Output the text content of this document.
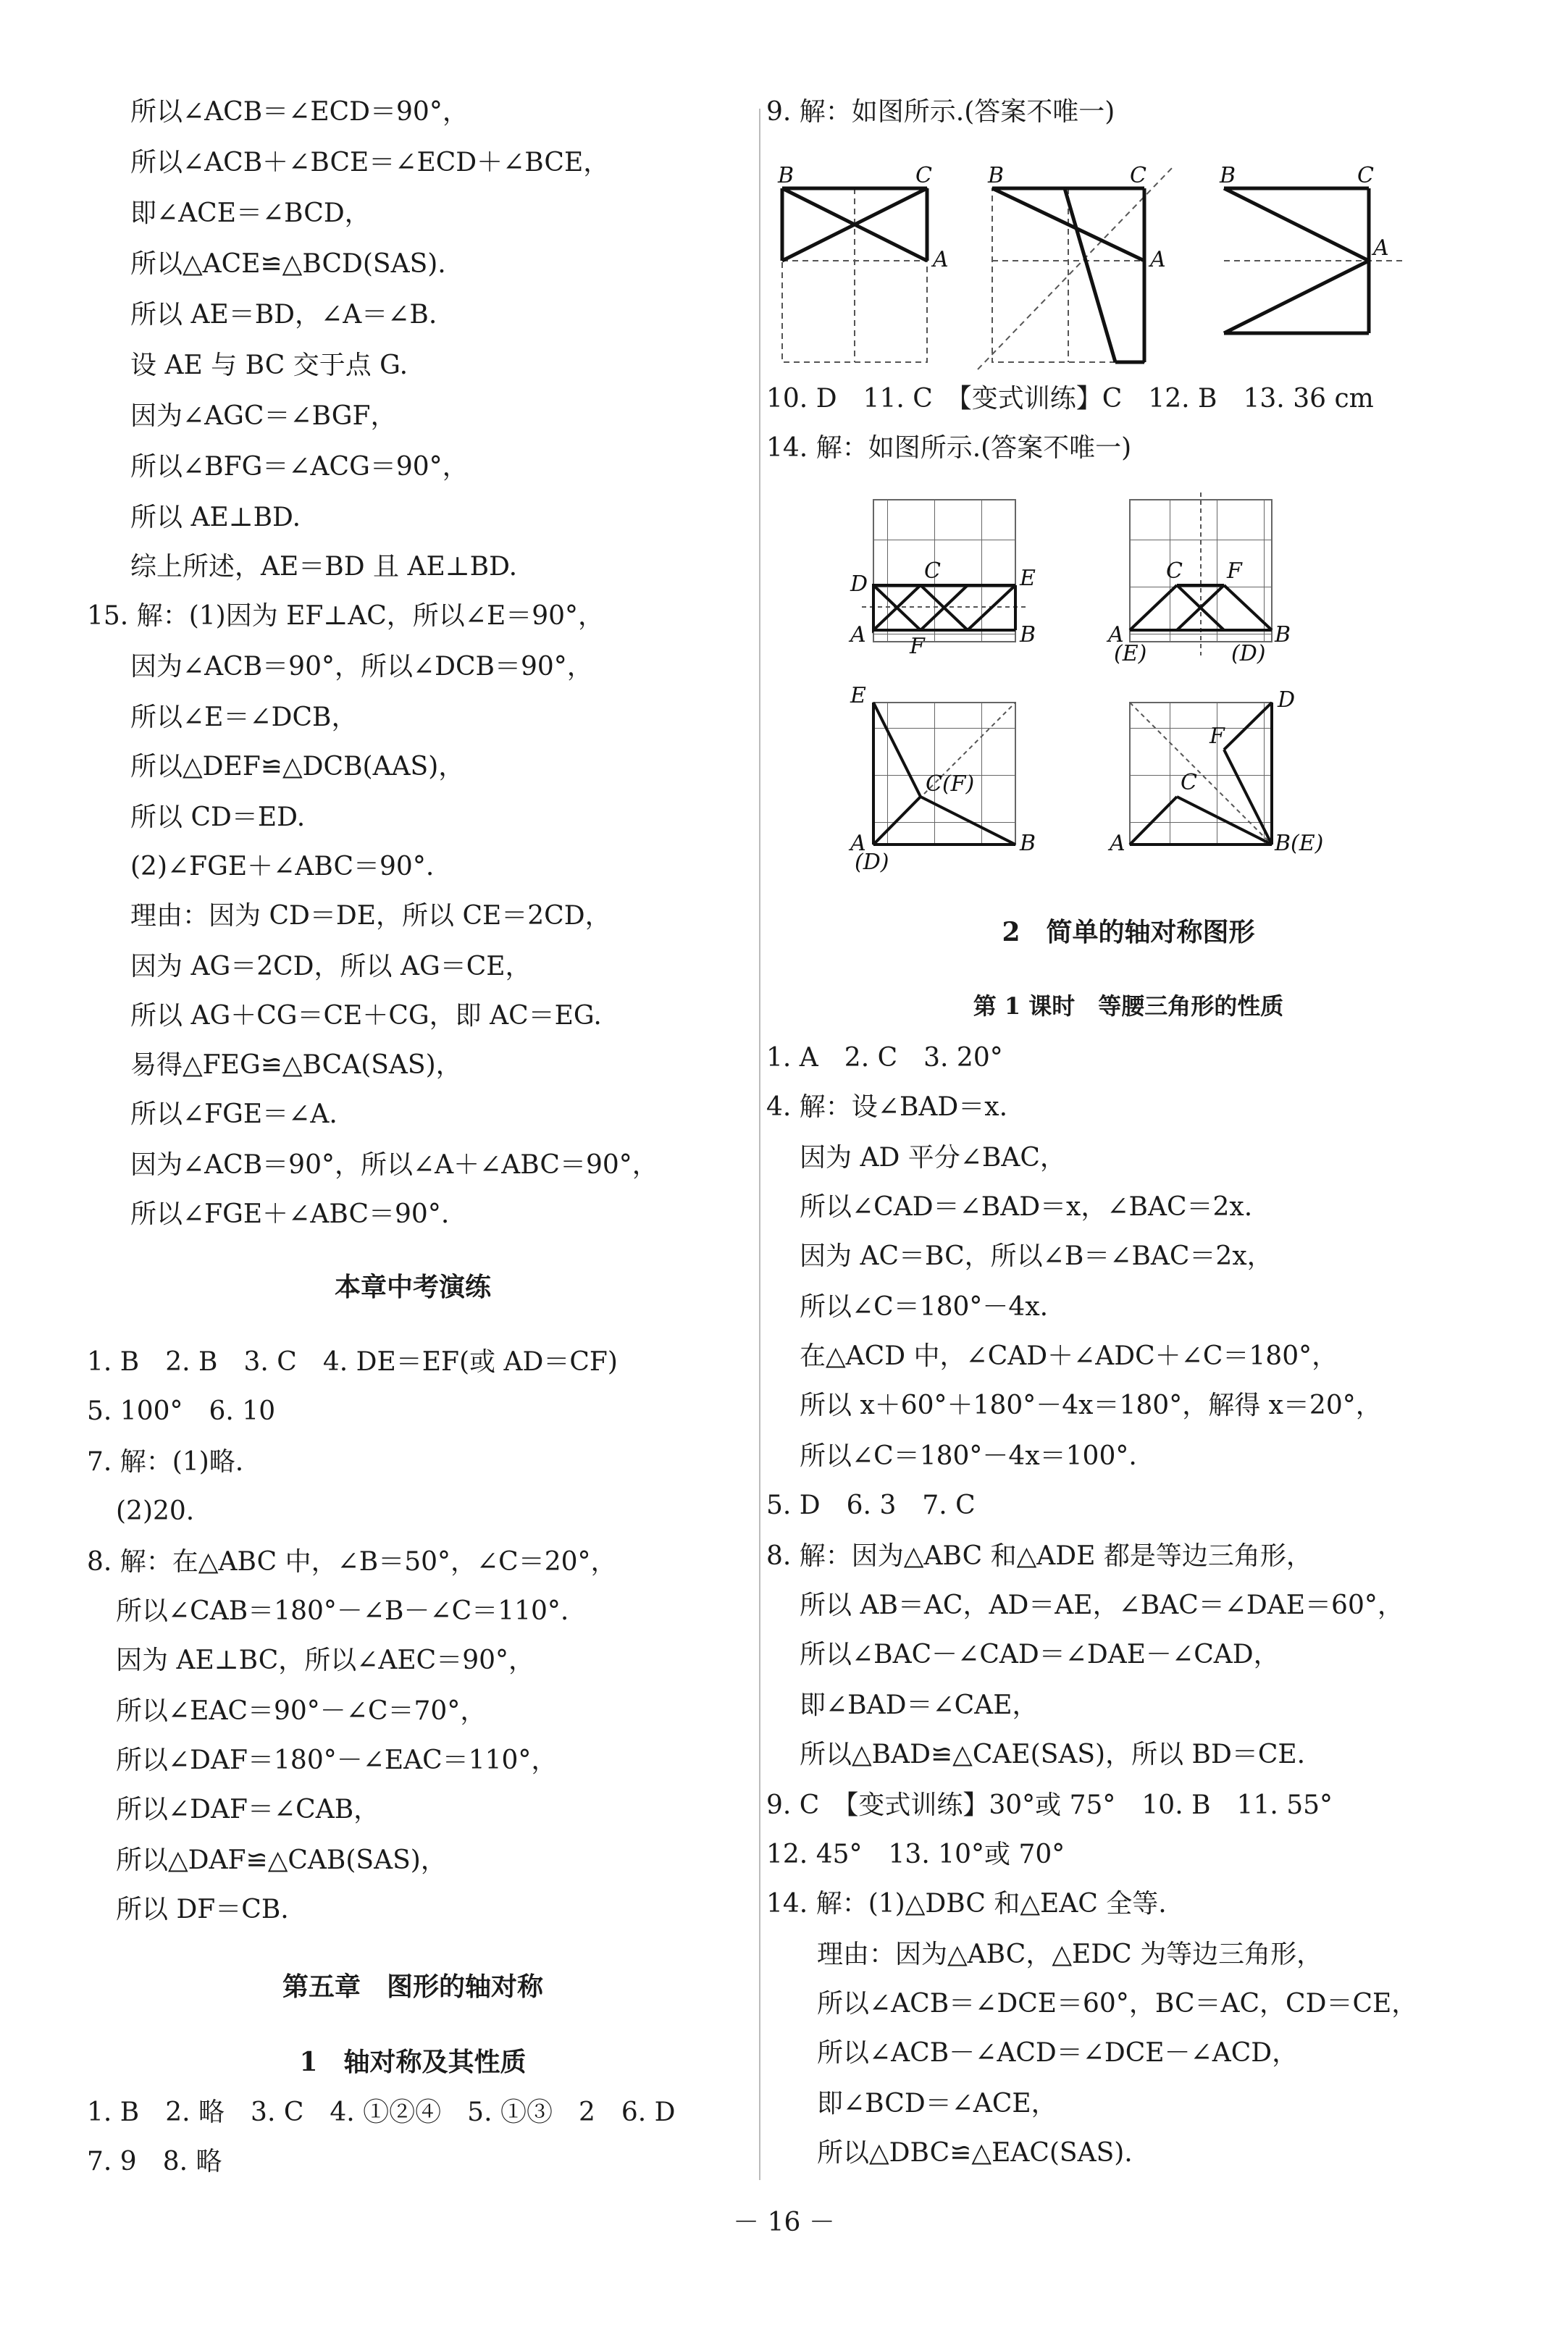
所以∠ACB＝∠ECD＝90°，
所以∠ACB＋∠BCE＝∠ECD＋∠BCE，
即∠ACE＝∠BCD，
所以△ACE≌△BCD(SAS).
所以 AE＝BD，∠A＝∠B.
设 AE 与 BC 交于点 G.
因为∠AGC＝∠BGF，
所以∠BFG＝∠ACG＝90°，
所以 AE⊥BD.
综上所述，AE＝BD 且 AE⊥BD.
15. 解：(1)因为 EF⊥AC，所以∠E＝90°，
因为∠ACB＝90°，所以∠DCB＝90°，
所以∠E＝∠DCB，
所以△DEF≌△DCB(AAS)，
所以 CD＝ED.
(2)∠FGE＋∠ABC＝90°.
理由：因为 CD＝DE，所以 CE＝2CD，
因为 AG＝2CD，所以 AG＝CE，
所以 AG＋CG＝CE＋CG，即 AC＝EG.
易得△FEG≌△BCA(SAS)，
所以∠FGE＝∠A.
因为∠ACB＝90°，所以∠A＋∠ABC＝90°，
所以∠FGE＋∠ABC＝90°.
本章中考演练
1. B　2. B　3. C　4. DE＝EF(或 AD＝CF)
5. 100°　6. 10
7. 解：(1)略.
(2)20.
8. 解：在△ABC 中，∠B＝50°，∠C＝20°，
所以∠CAB＝180°－∠B－∠C＝110°.
因为 AE⊥BC，所以∠AEC＝90°，
所以∠EAC＝90°－∠C＝70°，
所以∠DAF＝180°－∠EAC＝110°，
所以∠DAF＝∠CAB，
所以△DAF≌△CAB(SAS)，
所以 DF＝CB.
第五章　图形的轴对称
1　轴对称及其性质
1. B　2. 略　3. C　4. ①②④　5. ①③　2　6. D
7. 9　8. 略
9. 解：如图所示.(答案不唯一)
B	C
A
B	C
A
B	C
A
10. D　11. C　【变式训练】C　12. B　13. 36 cm
14. 解：如图所示.(答案不唯一)
D
C	E
A F	B
C F
A
(E)	(D)
B
E
C(F)
A
(D)
B
D
F
C
A	B(E)
2　简单的轴对称图形
第 1 课时　等腰三角形的性质
1. A　2. C　3. 20°
4. 解：设∠BAD＝x.
因为 AD 平分∠BAC，
所以∠CAD＝∠BAD＝x，∠BAC＝2x.
因为 AC＝BC，所以∠B＝∠BAC＝2x，
所以∠C＝180°－4x.
在△ACD 中，∠CAD＋∠ADC＋∠C＝180°，
所以 x＋60°＋180°－4x＝180°，解得 x＝20°，
所以∠C＝180°－4x＝100°.
5. D　6. 3　7. C
8. 解：因为△ABC 和△ADE 都是等边三角形，
所以 AB＝AC，AD＝AE，∠BAC＝∠DAE＝60°，
所以∠BAC－∠CAD＝∠DAE－∠CAD，
即∠BAD＝∠CAE，
所以△BAD≌△CAE(SAS)，所以 BD＝CE.
9. C　【变式训练】30°或 75°　10. B　11. 55°
12. 45°　13. 10°或 70°
14. 解：(1)△DBC 和△EAC 全等.
理由：因为△ABC，△EDC 为等边三角形，
所以∠ACB＝∠DCE＝60°，BC＝AC，CD＝CE，
所以∠ACB－∠ACD＝∠DCE－∠ACD，
即∠BCD＝∠ACE，
所以△DBC≌△EAC(SAS).
－ 16 －
